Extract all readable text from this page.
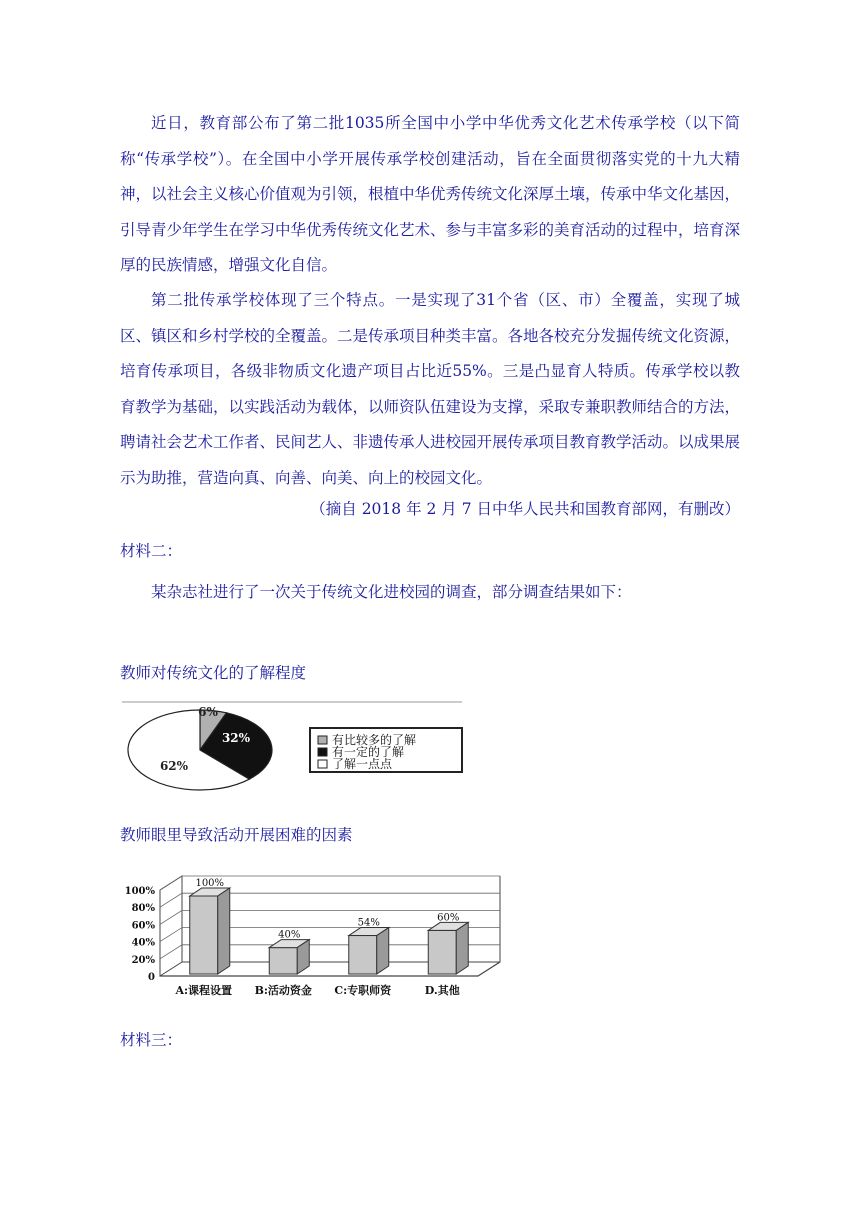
近日，教育部公布了第二批1035所全国中小学中华优秀文化艺术传承学校（以下简称“传承学校”）。在全国中小学开展传承学校创建活动，旨在全面贯彻落实党的十九大精神，以社会主义核心价值观为引领，根植中华优秀传统文化深厚土壤，传承中华文化基因，引导青少年学生在学习中华优秀传统文化艺术、参与丰富多彩的美育活动的过程中，培育深厚的民族情感，增强文化自信。

第二批传承学校体现了三个特点。一是实现了31个省（区、市）全覆盖，实现了城区、镇区和乡村学校的全覆盖。二是传承项目种类丰富。各地各校充分发掘传统文化资源，培育传承项目，各级非物质文化遗产项目占比近55%。三是凸显育人特质。传承学校以教育教学为基础，以实践活动为载体，以师资队伍建设为支撑，采取专兼职教师结合的方法，聘请社会艺术工作者、民间艺人、非遗传承人进校园开展传承项目教育教学活动。以成果展示为助推，营造向真、向善、向美、向上的校园文化。

（摘自 2018 年 2 月 7 日中华人民共和国教育部网，有删改）

材料二：

某杂志社进行了一次关于传统文化进校园的调查，部分调查结果如下：

教师对传统文化的了解程度

6%
32%
62%
有比较多的了解
有一定的了解
了解一点点

教师眼里导致活动开展困难的因素

0
20%
40%
60%
80%
100%
100%
40%
54%	60%
A:课程设置 B:活动资金 C:专职师资	D.其他

材料三：
